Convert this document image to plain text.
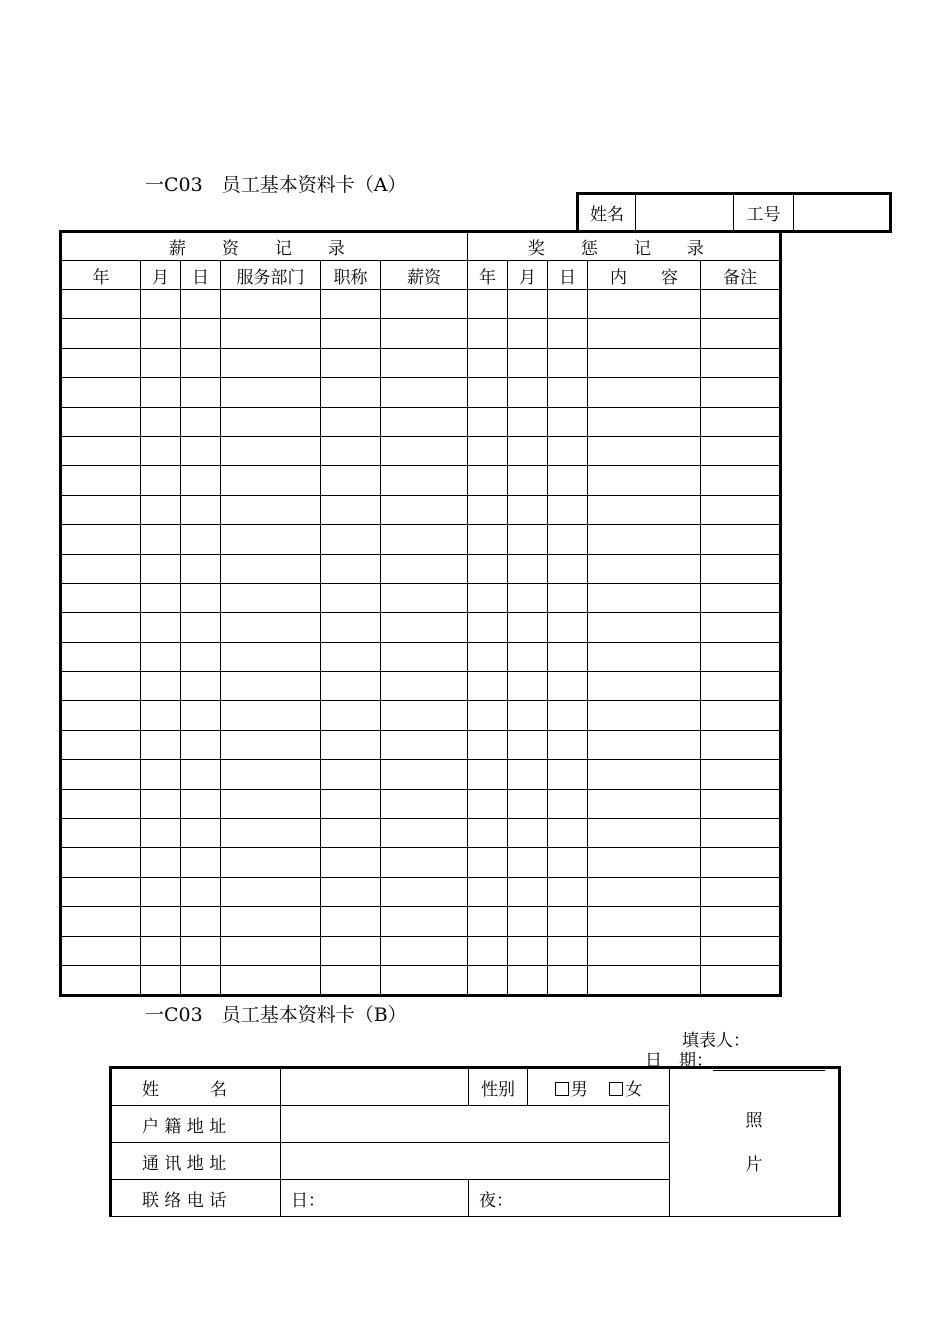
一C03　员工基本资料卡（A）
姓名		工号	
薪 资 记 录						奖 惩 记 录				
年	月	日	服务部门	职称	薪资	年	月	日	内　　容	备注

一C03　员工基本资料卡（B）
填表人：
日　期：
姓　　　名		性别	男 女	照
片

户 籍 地 址				
通 讯 地 址				
联 络 电 话	日：	夜：		
